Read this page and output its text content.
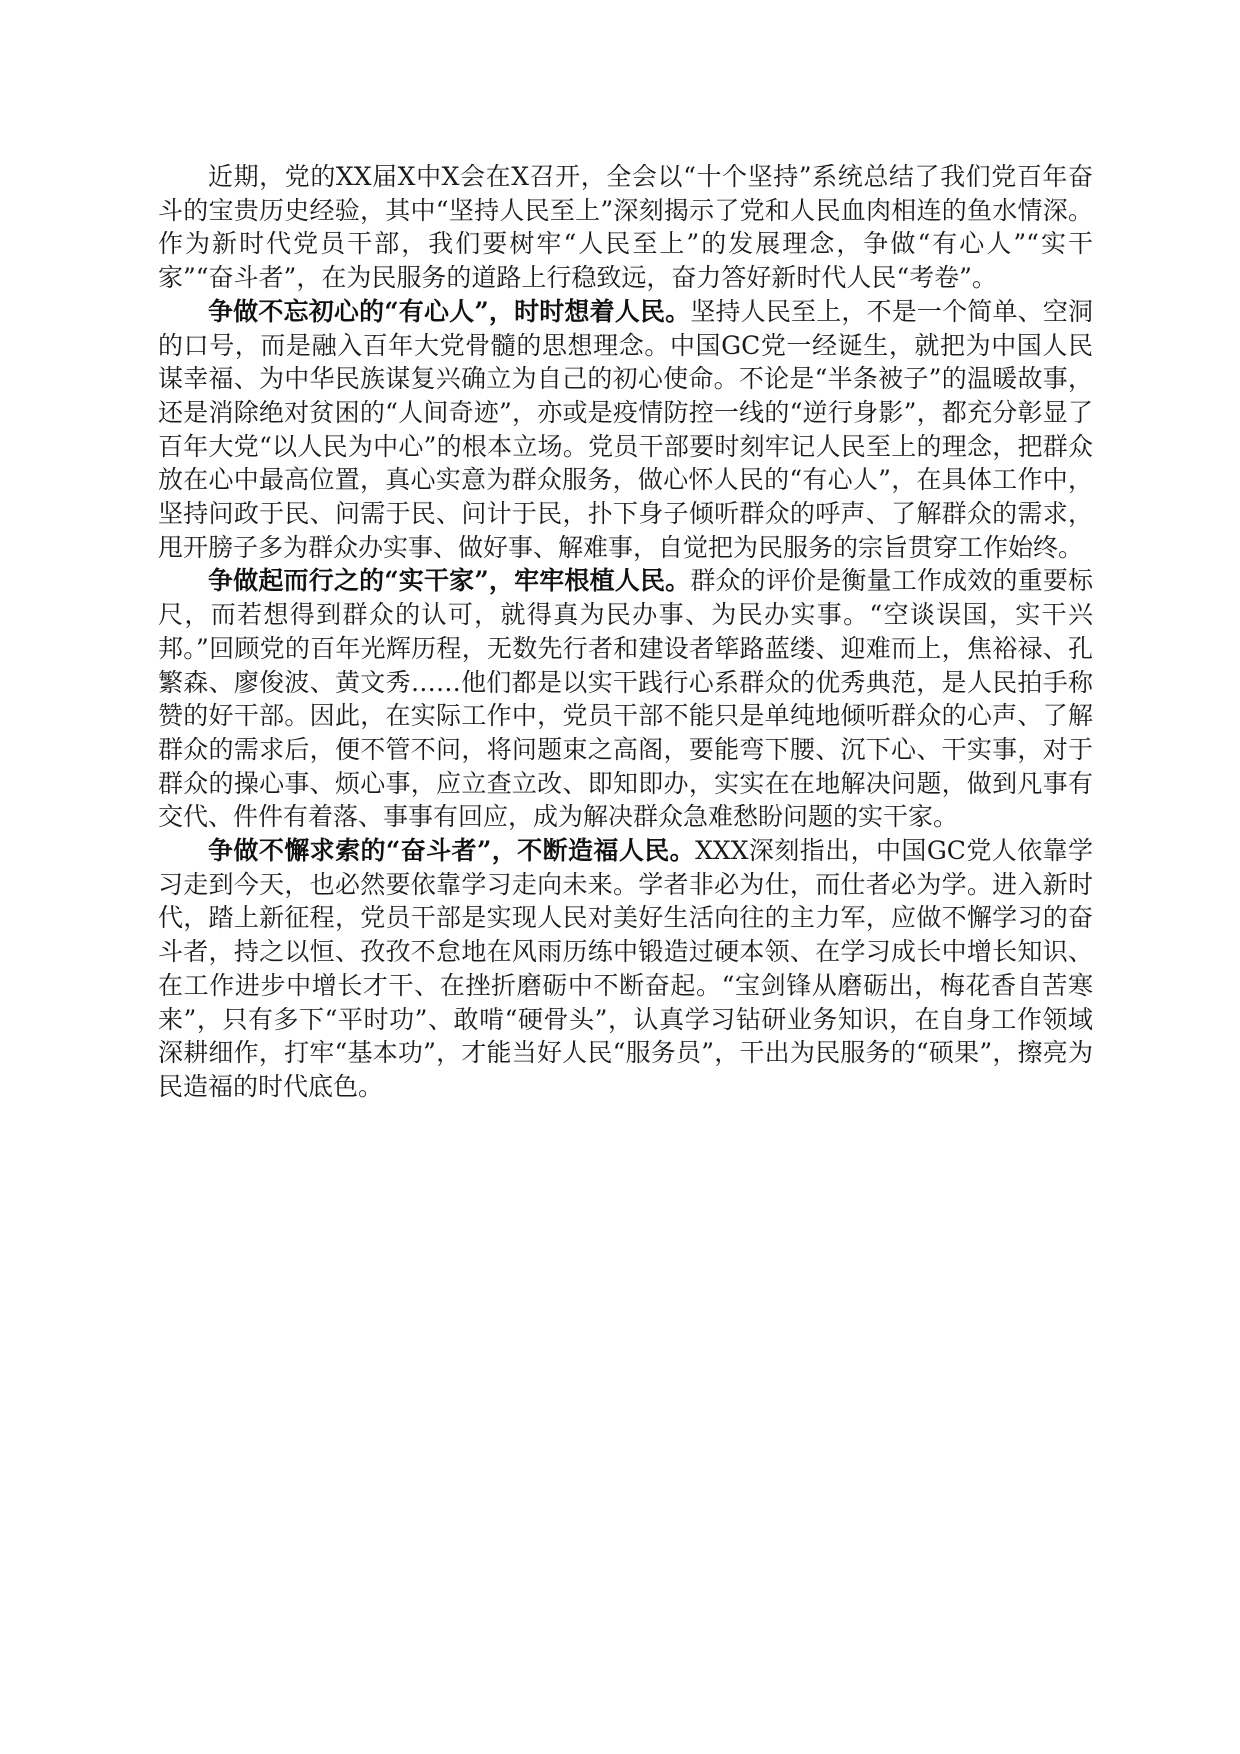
近期，党的XX届X中X会在X召开，全会以“十个坚持”系统总结了我们党百年奋斗的宝贵历史经验，其中“坚持人民至上”深刻揭示了党和人民血肉相连的鱼水情深。作为新时代党员干部，我们要树牢“人民至上”的发展理念，争做“有心人”“实干家”“奋斗者”，在为民服务的道路上行稳致远，奋力答好新时代人民“考卷”。

争做不忘初心的“有心人”，时时想着人民。坚持人民至上，不是一个简单、空洞的口号，而是融入百年大党骨髓的思想理念。中国GC党一经诞生，就把为中国人民谋幸福、为中华民族谋复兴确立为自己的初心使命。不论是“半条被子”的温暖故事，还是消除绝对贫困的“人间奇迹”，亦或是疫情防控一线的“逆行身影”，都充分彰显了百年大党“以人民为中心”的根本立场。党员干部要时刻牢记人民至上的理念，把群众放在心中最高位置，真心实意为群众服务，做心怀人民的“有心人”，在具体工作中，坚持问政于民、问需于民、问计于民，扑下身子倾听群众的呼声、了解群众的需求，甩开膀子多为群众办实事、做好事、解难事，自觉把为民服务的宗旨贯穿工作始终。

争做起而行之的“实干家”，牢牢根植人民。群众的评价是衡量工作成效的重要标尺，而若想得到群众的认可，就得真为民办事、为民办实事。“空谈误国，实干兴邦。”回顾党的百年光辉历程，无数先行者和建设者筚路蓝缕、迎难而上，焦裕禄、孔繁森、廖俊波、黄文秀……他们都是以实干践行心系群众的优秀典范，是人民拍手称赞的好干部。因此，在实际工作中，党员干部不能只是单纯地倾听群众的心声、了解群众的需求后，便不管不问，将问题束之高阁，要能弯下腰、沉下心、干实事，对于群众的操心事、烦心事，应立查立改、即知即办，实实在在地解决问题，做到凡事有交代、件件有着落、事事有回应，成为解决群众急难愁盼问题的实干家。

争做不懈求索的“奋斗者”，不断造福人民。XXX深刻指出，中国GC党人依靠学习走到今天，也必然要依靠学习走向未来。学者非必为仕，而仕者必为学。进入新时代，踏上新征程，党员干部是实现人民对美好生活向往的主力军，应做不懈学习的奋斗者，持之以恒、孜孜不怠地在风雨历练中锻造过硬本领、在学习成长中增长知识、在工作进步中增长才干、在挫折磨砺中不断奋起。“宝剑锋从磨砺出，梅花香自苦寒来”，只有多下“平时功”、敢啃“硬骨头”，认真学习钻研业务知识，在自身工作领域深耕细作，打牢“基本功”，才能当好人民“服务员”，干出为民服务的“硕果”，擦亮为民造福的时代底色。
